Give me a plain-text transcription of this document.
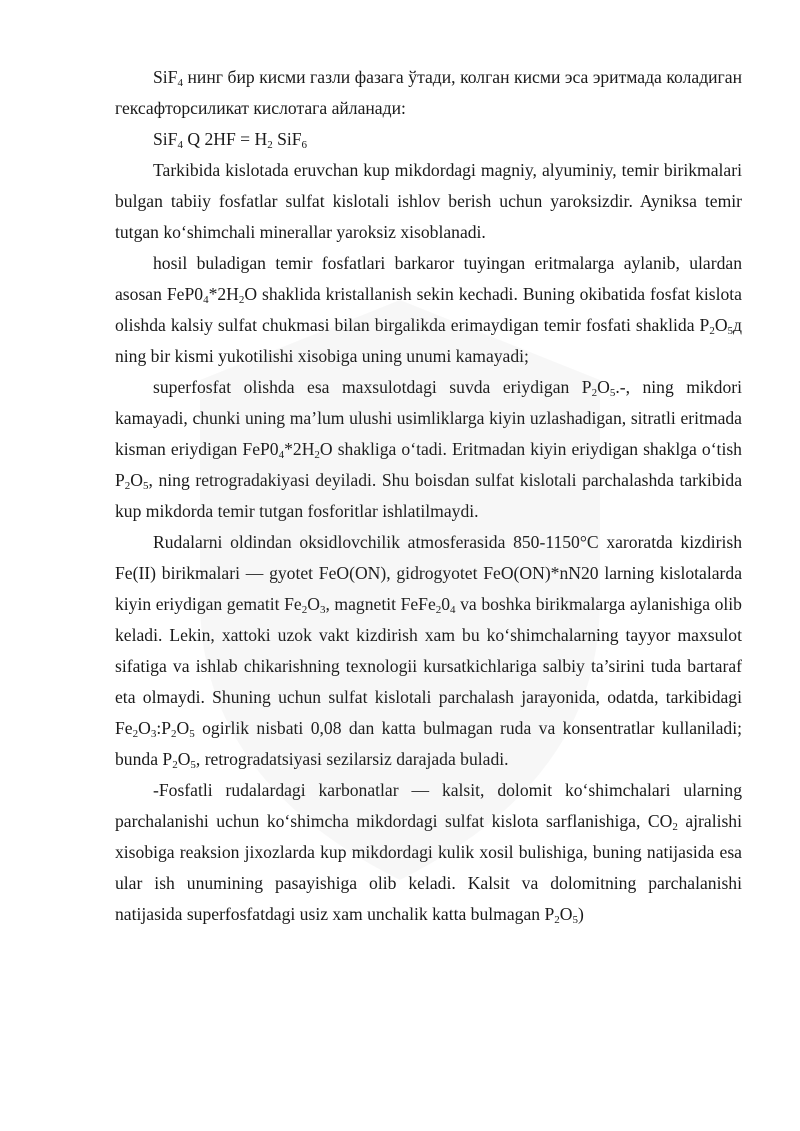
SiF$_4$ нинг бир кисми газли фазага ўтади, колган кисми эса эритмада коладиган гексафторсиликат кислотага айланади:

SiF$_4$ Q $2HF = H_2$ SiF$_6$

Tarkibida kislotada eruvchan kup mikdordagi magniy, alyuminiy, temir birikmalari bulgan tabiiy fosfatlar sulfat kislotali ishlov berish uchun yaroksizdir. Ayniksa temir tutgan ko‘shimchali minerallar yaroksiz xisoblanadi.

hosil buladigan temir fosfatlari barkaror tuyingan eritmalarga aylanib, ulardan asosan $FeP0_4*2H_2O$ shaklida kristallanish sekin kechadi. Buning okibatida fosfat kislota olishda kalsiy sulfat chukmasi bilan birgalikda erimaydigan temir fosfati shaklida $P_2O_5д$ ning bir kismi yukotilishi xisobiga uning unumi kamayadi;

superfosfat olishda esa maxsulotdagi suvda eriydigan $P_2O_5.-$, ning mikdori kamayadi, chunki uning ma’lum ulushi usimliklarga kiyin uzlashadigan, sitratli eritmada kisman eriydigan $FeP0_4*2H_2O$ shakliga o‘tadi. Eritmadan kiyin eriydigan shaklga o‘tish $P_2O_5$, ning retrogradakiyasi deyiladi. Shu boisdan sulfat kislotali parchalashda tarkibida kup mikdorda temir tutgan fosforitlar ishlatilmaydi.

Rudalarni oldindan oksidlovchilik atmosferasida 850-1150°C xaroratda kizdirish Fe(II) birikmalari — gyotet FeO(ON), gidrogyotet FeO(ON)*nN20 larning kislotalarda kiyin eriydigan gematit $Fe_2O_3$, magnetit $FeFe_20_4$ va boshka birikmalarga aylanishiga olib keladi. Lekin, xattoki uzok vakt kizdirish xam bu ko‘shimchalarning tayyor maxsulot sifatiga va ishlab chikarishning texnologii kursatkichlariga salbiy ta’sirini tuda bartaraf eta olmaydi. Shuning uchun sulfat kislotali parchalash jarayonida, odatda, tarkibidagi $Fe_2O_3:P_2O_5$ ogirlik nisbati 0,08 dan katta bulmagan ruda va konsentratlar kullaniladi; bunda $P_2O_5$, retrogradatsiyasi sezilarsiz darajada buladi.

-Fosfatli rudalardagi karbonatlar — kalsit, dolomit ko‘shimchalari ularning parchalanishi uchun ko‘shimcha mikdordagi sulfat kislota sarflanishiga, $CO_2$ ajralishi xisobiga reaksion jixozlarda kup mikdordagi kulik xosil bulishiga, buning natijasida esa ular ish unumining pasayishiga olib keladi. Kalsit va dolomitning parchalanishi natijasida superfosfatdagi usiz xam unchalik katta bulmagan $P_2O_5$)
